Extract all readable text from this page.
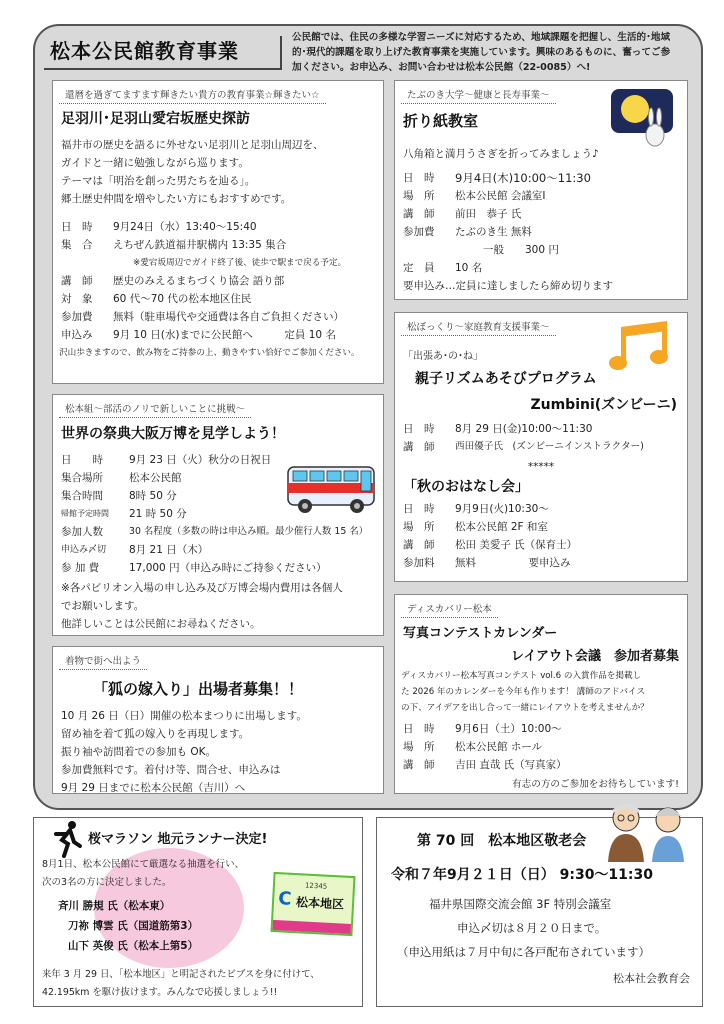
松本公民館教育事業
公民館では、住民の多様な学習ニーズに対応するため、地域課題を把握し、生活的･地域
的･現代的課題を取り上げた教育事業を実施しています。興味のあるものに、奮ってご参
加ください。お申込み、お問い合わせは松本公民館（22-0085）へ!
還暦を過ぎてますます輝きたい貴方の教育事業☆輝きたい☆
足羽川･足羽山愛宕坂歴史探訪
福井市の歴史を語るに外せない足羽川と足羽山周辺を、
ガイドと一緒に勉強しながら巡ります。
テーマは「明治を創った男たちを辿る」。
郷土歴史仲間を増やしたい方にもおすすめです。
日　時	9月24日（水）13:40～15:40
集　合	えちぜん鉄道福井駅構内 13:35 集合
※愛宕坂周辺でガイド終了後、徒歩で駅まで戻る予定。
講　師	歴史のみえるまちづくり協会 語り部
対　象	60 代～70 代の松本地区住民
参加費	無料（駐車場代や交通費は各自ご負担ください）
申込み	9月 10 日(水)までに公民館へ　　　定員 10 名
沢山歩きますので、飲み物をご持参の上、動きやすい恰好でご参加ください。
松本組～部活のノリで新しいことに挑戦～
世界の祭典大阪万博を見学しよう！
日　　時	9月 23 日（火）秋分の日祝日
集合場所	松本公民館
集合時間	8時 50 分
帰館予定時間	21 時 50 分
参加人数	30 名程度（多数の時は申込み順。最少催行人数 15 名）
申込み〆切	8月 21 日（木）
参 加 費	17,000 円（申込み時にご持参ください）
※各パビリオン入場の申し込み及び万博会場内費用は各個人
でお願いします。
他詳しいことは公民館にお尋ねください。
着物で街へ出よう
「狐の嫁入り」出場者募集！！
10 月 26 日（日）開催の松本まつりに出場します。
留め袖を着て狐の嫁入りを再現します。
振り袖や訪問着での参加も OK。
参加費無料です。着付け等、問合せ、申込みは
9月 29 日までに松本公民館（吉川）へ
たぶのき大学～健康と長寿事業～
折り紙教室
八角箱と満月うさぎを折ってみましょう♪
日　時	9月4日(木)10:00～11:30
場　所	松本公民館 会議室Ⅰ
講　師	前田　恭子 氏
参加費	たぶのき生 無料
一般　　300 円
定　員	10 名
要申込み…定員に達しましたら締め切ります
松ぼっくり～家庭教育支援事業～
「出張あ･の･ね」
親子リズムあそびプログラム
Zumbini(ズンビーニ)
日　時	8月 29 日(金)10:00～11:30
講　師	西田優子氏　(ズンビーニインストラクター)
*****
「秋のおはなし会」
日　時	9月9日(火)10:30～
場　所	松本公民館 2F 和室
講　師	松田 美愛子 氏（保育士）
参加料	無料　　　　　要申込み
ディスカバリー松本
写真コンテストカレンダー
レイアウト会議　参加者募集
ディスカバリー松本写真コンテスト vol.6 の入賞作品を掲載し
た 2026 年のカレンダーを今年も作ります！ 講師のアドバイス
の下、アイデアを出し合って一緒にレイアウトを考えませんか？
日　時	9月6日（土）10:00～
場　所	松本公民館 ホール
講　師	吉田 直哉 氏（写真家）
有志の方のご参加をお待ちしています!
桜マラソン 地元ランナー決定!
8月1日、松本公民館にて厳選なる抽選を行い、
次の3名の方に決定しました。
斉川 勝規 氏（松本東）
刀祢 博雲 氏（国道筋第3）
山下 英俊 氏（松本上第5）
C 松本地区
12345
来年 3 月 29 日、「松本地区」と明記されたビブスを身に付けて、
42.195km を駆け抜けます。みんなで応援しましょう!!
第 70 回　松本地区敬老会
令和７年9月２１日（日） 9:30～11:30
福井県国際交流会館 3F 特別会議室
申込〆切は８月２０日まで。
（申込用紙は７月中旬に各戸配布されています）
松本社会教育会
